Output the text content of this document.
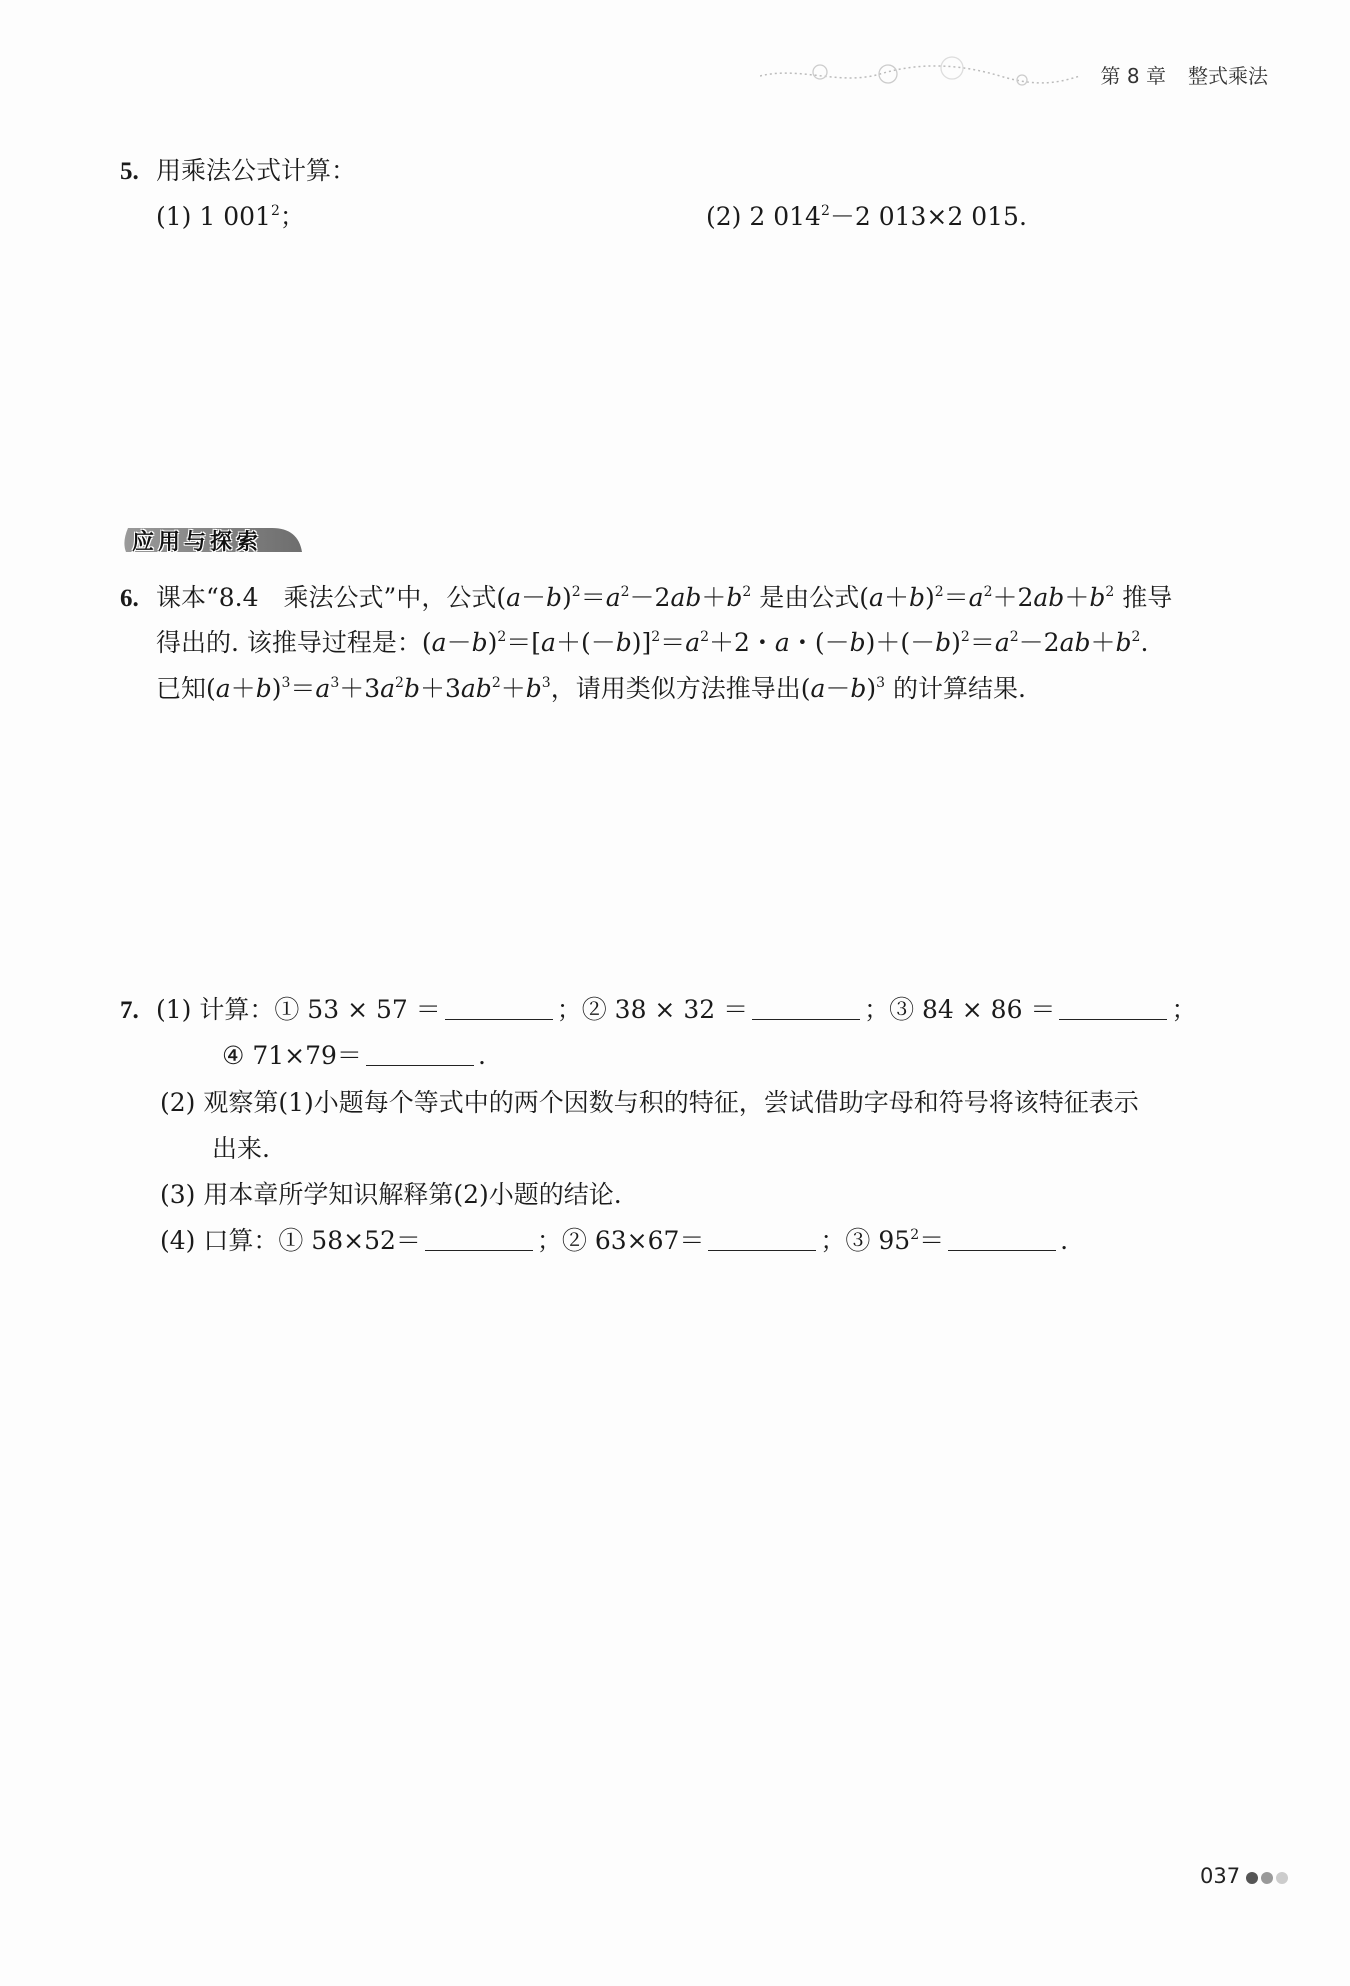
第 8 章 整式乘法
5. 用乘法公式计算：
(1) 1 $001^2$；	(2) 2 $014^2-2$ 013×2 015.
应用与探索
6. 课本“8.4　乘法公式”中，公式$(a-b)^2=a^2-2ab+b^2$ 是由公式$(a+b)^2=a^2+2ab+b^2$ 推导
得出的. 该推导过程是：$(a-b)^2=[a+(-b)]^2=a^2+2$・a・$(-b)+(-b)^2=a^2-2ab+b^2$.
已知$(a+b)^3=a^3+3a^2b+3ab^2+b^3$，请用类似方法推导出$(a-b)^3$ 的计算结果.
7. (1) 计算：① 53 × 57 ＝	；② 38 × 32 ＝	；③ 84 × 86 ＝	；
④ 71×79＝	.
(2) 观察第(1)小题每个等式中的两个因数与积的特征，尝试借助字母和符号将该特征表示
出来.
(3) 用本章所学知识解释第(2)小题的结论.
(4) 口算：① 58×52＝	；② 63×67＝	；③ $95^2=$	.
037
